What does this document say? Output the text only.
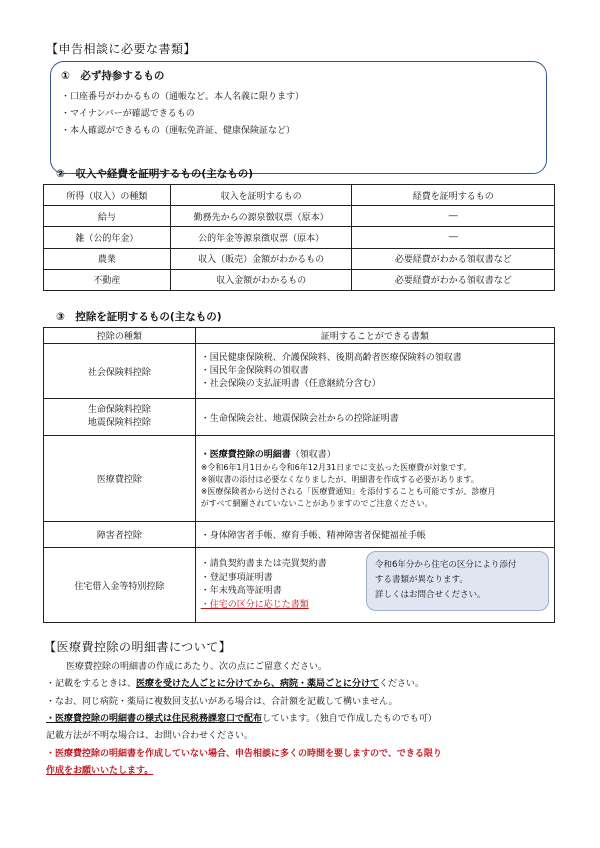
【申告相談に必要な書類】
①　必ず持参するもの
・口座番号がわかるもの（通帳など。本人名義に限ります）
・マイナンバーが確認できるもの
・本人確認ができるもの（運転免許証、健康保険証など）
②　収入や経費を証明するもの(主なもの)
所得（収入）の種類	収入を証明するもの	経費を証明するもの
給与	勤務先からの源泉徴収票（原本）	―
雑（公的年金）	公的年金等源泉徴収票（原本）	―
農業	収入（販売）金額がわかるもの	必要経費がわかる領収書など
不動産	収入金額がわかるもの	必要経費がわかる領収書など
③　控除を証明するもの(主なもの)
控除の種類	証明することができる書類
社会保険料控除	・国民健康保険税、介護保険料、後期高齢者医療保険料の領収書
・国民年金保険料の領収書
・社会保険の支払証明書（任意継続分含む）

生命保険料控除
地震保険料控除	・生命保険会社、地震保険会社からの控除証明書
医療費控除	・医療費控除の明細書（領収書）
※令和6年1月1日から令和6年12月31日までに支払った医療費が対象です。
※領収書の添付は必要なくなりましたが、明細書を作成する必要があります。
※医療保険者から送付される「医療費通知」を添付することも可能ですが、診療月
がすべて網羅されていないことがありますのでご注意ください。

障害者控除	・身体障害者手帳、療育手帳、精神障害者保健福祉手帳
住宅借入金等特別控除	・請負契約書または売買契約書
・登記事項証明書
・年末残高等証明書
・住宅の区分に応じた書類
令和6年分から住宅の区分により添付
する書類が異なります。
詳しくはお問合せください。
【医療費控除の明細書について】
医療費控除の明細書の作成にあたり、次の点にご留意ください。
・記載をするときは、医療を受けた人ごとに分けてから、病院・薬局ごとに分けてください。
・なお、同じ病院・薬局に複数回支払いがある場合は、合計額を記載して構いません。
・医療費控除の明細書の様式は住民税務課窓口で配布しています。（独自で作成したものでも可）
記載方法が不明な場合は、お問い合わせください。
・医療費控除の明細書を作成していない場合、申告相談に多くの時間を要しますので、できる限り
作成をお願いいたします。
